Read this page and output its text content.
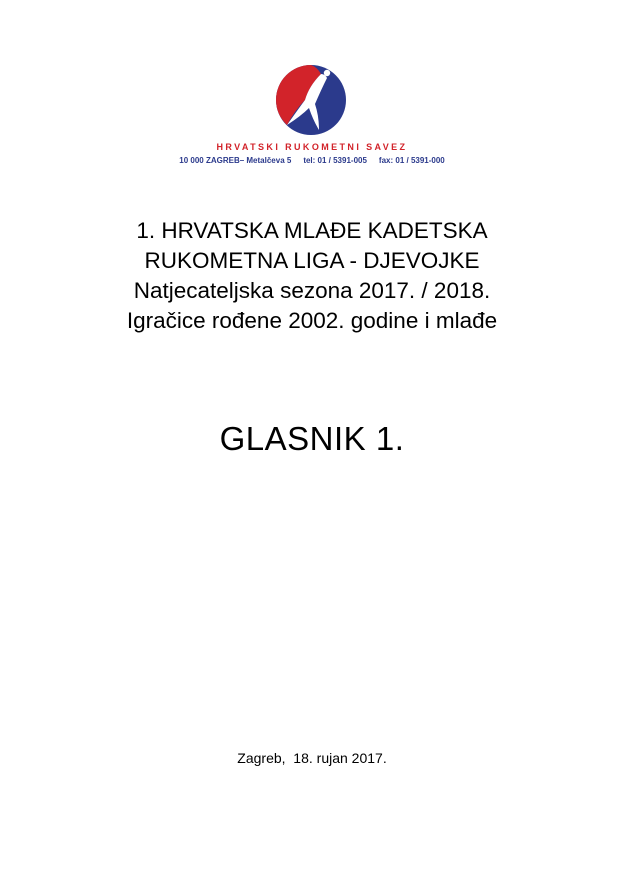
HRVATSKI RUKOMETNI SAVEZ

10 000 ZAGREB– Metalčeva 5 tel: 01 / 5391-005 fax: 01 / 5391-000

1. HRVATSKA MLAĐE KADETSKA
RUKOMETNA LIGA - DJEVOJKE
Natjecateljska sezona 2017. / 2018.
Igračice rođene 2002. godine i mlađe

GLASNIK 1.

Zagreb,  18. rujan 2017.
